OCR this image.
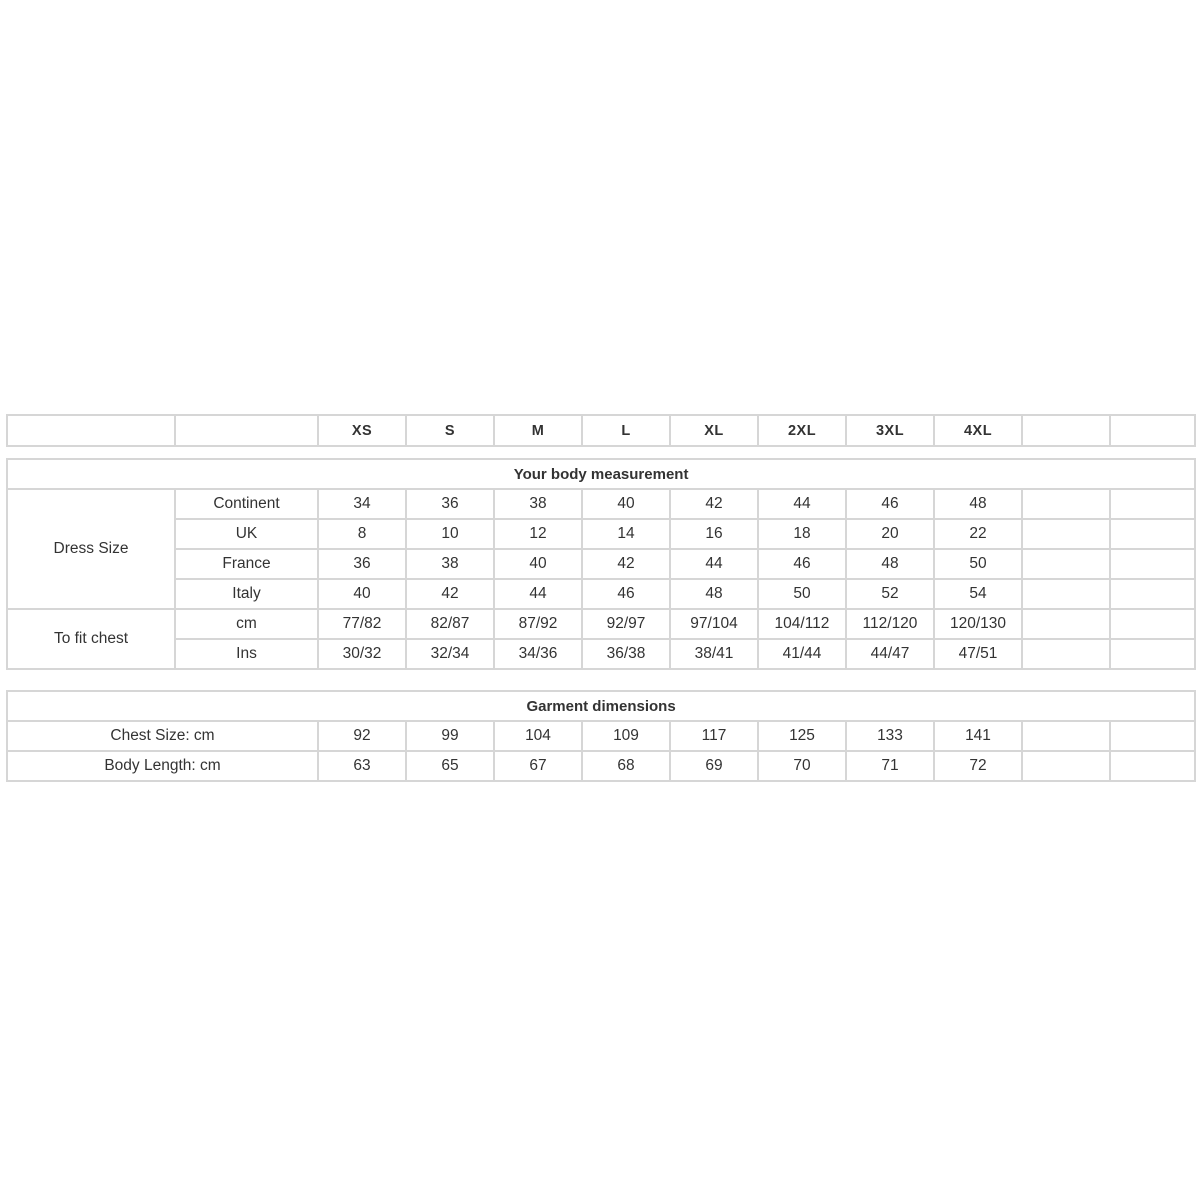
		XS	S	M	L	XL	2XL	3XL	4XL		
Your body measurement											
Dress Size	Continent	34	36	38	40	42	44	46	48		
	UK	8	10	12	14	16	18	20	22		
	France	36	38	40	42	44	46	48	50		
	Italy	40	42	44	46	48	50	52	54		
To fit chest	cm	77/82	82/87	87/92	92/97	97/104	104/112	112/120	120/130		
	Ins	30/32	32/34	34/36	36/38	38/41	41/44	44/47	47/51		
Garment dimensions										
Chest Size: cm	92	99	104	109	117	125	133	141		
Body Length: cm	63	65	67	68	69	70	71	72		
